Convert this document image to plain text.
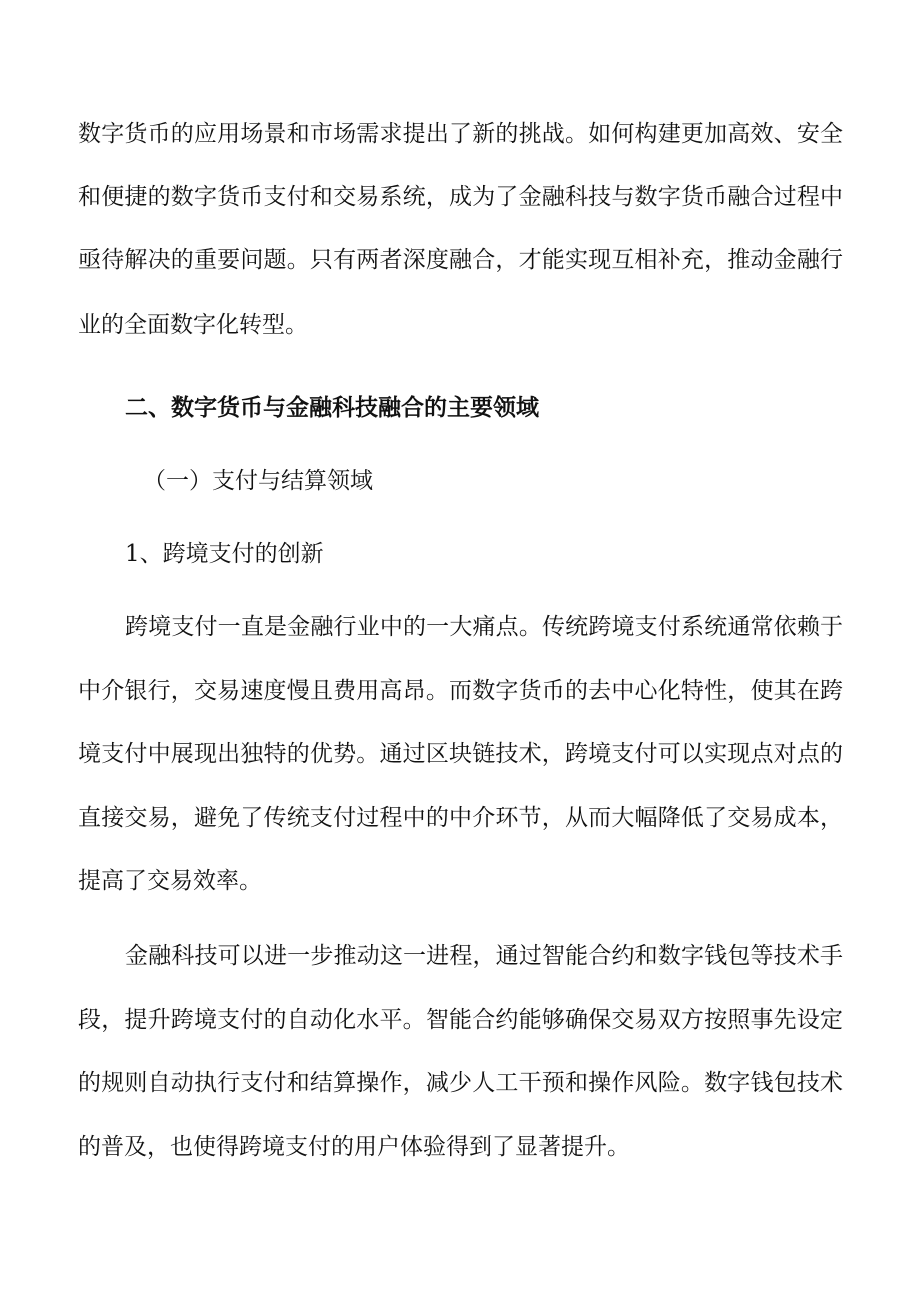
数字货币的应用场景和市场需求提出了新的挑战。如何构建更加高效、安全
和便捷的数字货币支付和交易系统，成为了金融科技与数字货币融合过程中
亟待解决的重要问题。只有两者深度融合，才能实现互相补充，推动金融行
业的全面数字化转型。
二、数字货币与金融科技融合的主要领域
（一）支付与结算领域
1、跨境支付的创新
跨境支付一直是金融行业中的一大痛点。传统跨境支付系统通常依赖于
中介银行，交易速度慢且费用高昂。而数字货币的去中心化特性，使其在跨
境支付中展现出独特的优势。通过区块链技术，跨境支付可以实现点对点的
直接交易，避免了传统支付过程中的中介环节，从而大幅降低了交易成本，
提高了交易效率。
金融科技可以进一步推动这一进程，通过智能合约和数字钱包等技术手
段，提升跨境支付的自动化水平。智能合约能够确保交易双方按照事先设定
的规则自动执行支付和结算操作，减少人工干预和操作风险。数字钱包技术
的普及，也使得跨境支付的用户体验得到了显著提升。
